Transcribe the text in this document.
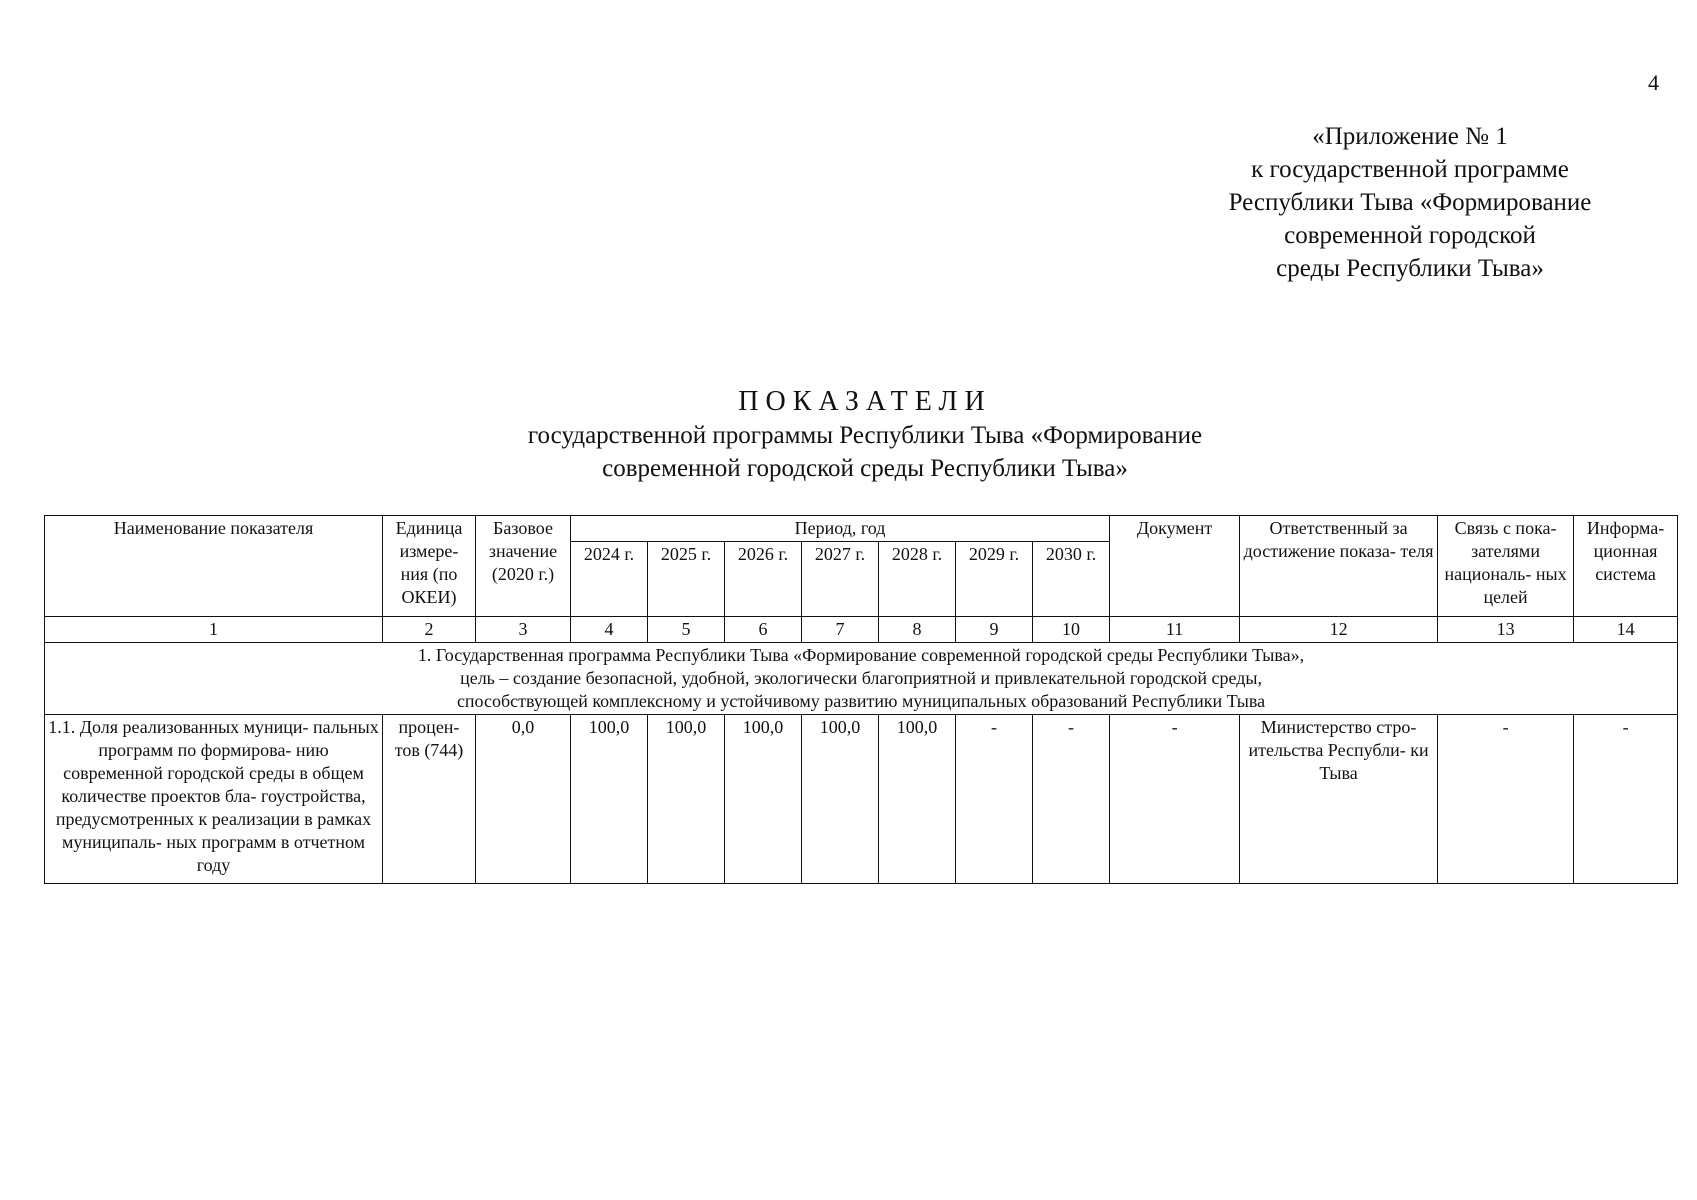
4
«Приложение № 1
к государственной программе
Республики Тыва «Формирование
современной городской
среды Республики Тыва»
ПОКАЗАТЕЛИ
государственной программы Республики Тыва «Формирование
современной городской среды Республики Тыва»
Наименование показателя	Единица измере- ния (по ОКЕИ)	Базовое значение (2020 г.)	Период, год							Документ	Ответственный за достижение показа- теля	Связь с пока- зателями националь- ных целей	Информа- ционная система
			2024 г.	2025 г.	2026 г.	2027 г.	2028 г.	2029 г.	2030 г.				
1	2	3	4	5	6	7	8	9	10	11	12	13	14

1. Государственная программа Республики Тыва «Формирование современной городской среды Республики Тыва»,
цель – создание безопасной, удобной, экологически благоприятной и привлекательной городской среды,
способствующей комплексному и устойчивому развитию муниципальных образований Республики Тыва													

1.1. Доля реализованных муници- пальных программ по формирова- нию современной городской среды в общем количестве проектов бла- гоустройства, предусмотренных к реализации в рамках муниципаль- ных программ в отчетном году	процен- тов (744)	0,0	100,0	100,0	100,0	100,0	100,0	-	-	-	Министерство стро- ительства Республи- ки Тыва	-	-
